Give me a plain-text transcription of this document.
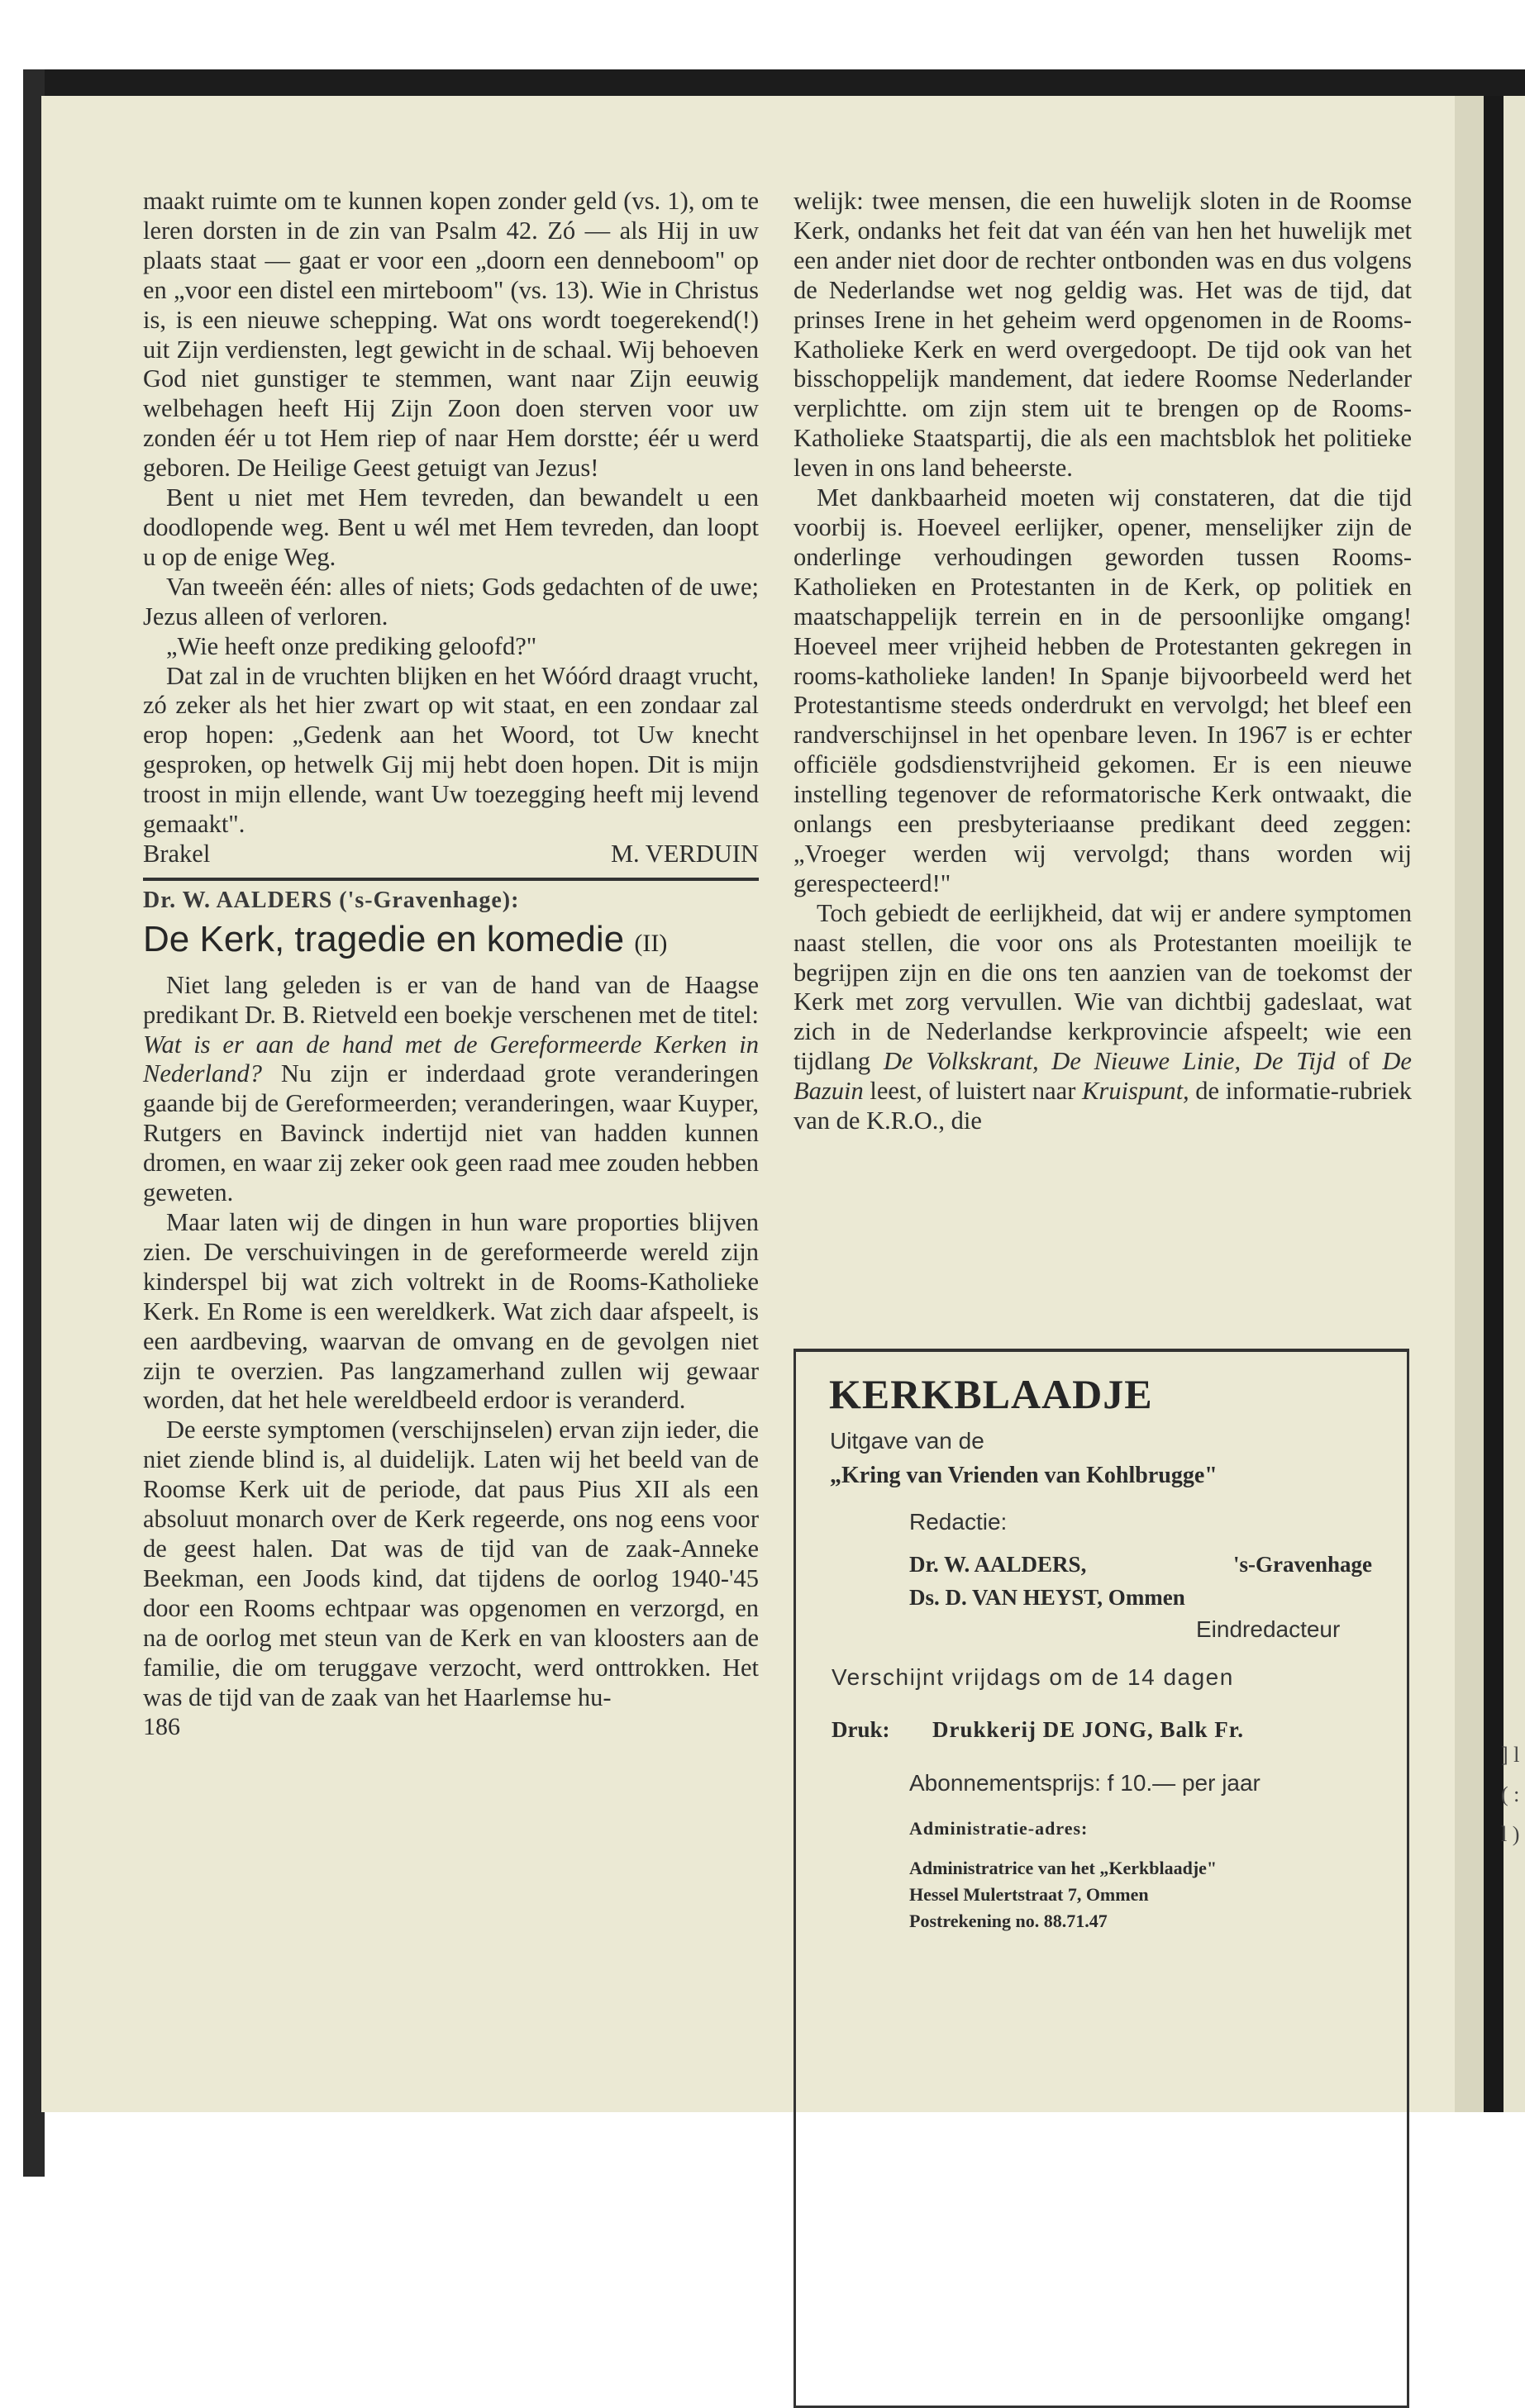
] l ( : l )

maakt ruimte om te kunnen kopen zonder geld (vs. 1), om te leren dorsten in de zin van Psalm 42. Zó — als Hij in uw plaats staat — gaat er voor een „doorn een denneboom" op en „voor een distel een mirteboom" (vs. 13). Wie in Christus is, is een nieuwe schepping. Wat ons wordt toegerekend(!) uit Zijn verdiensten, legt gewicht in de schaal. Wij behoeven God niet gunstiger te stemmen, want naar Zijn eeuwig welbehagen heeft Hij Zijn Zoon doen sterven voor uw zonden éér u tot Hem riep of naar Hem dorstte; éér u werd geboren. De Heilige Geest getuigt van Jezus!

Bent u niet met Hem tevreden, dan bewandelt u een doodlopende weg. Bent u wél met Hem tevreden, dan loopt u op de enige Weg.

Van tweeën één: alles of niets; Gods gedachten of de uwe; Jezus alleen of verloren.

„Wie heeft onze prediking geloofd?"

Dat zal in de vruchten blijken en het Wóórd draagt vrucht, zó zeker als het hier zwart op wit staat, en een zondaar zal erop hopen: „Gedenk aan het Woord, tot Uw knecht gesproken, op hetwelk Gij mij hebt doen hopen. Dit is mijn troost in mijn ellende, want Uw toezegging heeft mij levend gemaakt".

Brakel	M. VERDUIN
Dr. W. AALDERS ('s-Gravenhage):
De Kerk, tragedie en komedie (II)

Niet lang geleden is er van de hand van de Haagse predikant Dr. B. Rietveld een boekje verschenen met de titel: Wat is er aan de hand met de Gereformeerde Kerken in Nederland? Nu zijn er inderdaad grote veranderingen gaande bij de Gereformeerden; veranderingen, waar Kuyper, Rutgers en Bavinck indertijd niet van hadden kunnen dromen, en waar zij zeker ook geen raad mee zouden hebben geweten.

Maar laten wij de dingen in hun ware proporties blijven zien. De verschuivingen in de gereformeerde wereld zijn kinderspel bij wat zich voltrekt in de Rooms-Katholieke Kerk. En Rome is een wereldkerk. Wat zich daar afspeelt, is een aardbeving, waarvan de omvang en de gevolgen niet zijn te overzien. Pas langzamerhand zullen wij gewaar worden, dat het hele wereldbeeld erdoor is veranderd.

De eerste symptomen (verschijnselen) ervan zijn ieder, die niet ziende blind is, al duidelijk. Laten wij het beeld van de Roomse Kerk uit de periode, dat paus Pius XII als een absoluut monarch over de Kerk regeerde, ons nog eens voor de geest halen. Dat was de tijd van de zaak-Anneke Beekman, een Joods kind, dat tijdens de oorlog 1940-'45 door een Rooms echtpaar was opgenomen en verzorgd, en na de oorlog met steun van de Kerk en van kloosters aan de familie, die om teruggave verzocht, werd onttrokken. Het was de tijd van de zaak van het Haarlemse hu-

186

welijk: twee mensen, die een huwelijk sloten in de Roomse Kerk, ondanks het feit dat van één van hen het huwelijk met een ander niet door de rechter ontbonden was en dus volgens de Nederlandse wet nog geldig was. Het was de tijd, dat prinses Irene in het geheim werd opgenomen in de Rooms-Katholieke Kerk en werd overgedoopt. De tijd ook van het bisschoppelijk mandement, dat iedere Roomse Nederlander verplichtte. om zijn stem uit te brengen op de Rooms-Katholieke Staatspartij, die als een machtsblok het politieke leven in ons land beheerste.

Met dankbaarheid moeten wij constateren, dat die tijd voorbij is. Hoeveel eerlijker, opener, menselijker zijn de onderlinge verhoudingen geworden tussen Rooms-Katholieken en Protestanten in de Kerk, op politiek en maatschappelijk terrein en in de persoonlijke omgang! Hoeveel meer vrijheid hebben de Protestanten gekregen in rooms-katholieke landen! In Spanje bijvoorbeeld werd het Protestantisme steeds onderdrukt en vervolgd; het bleef een randverschijnsel in het openbare leven. In 1967 is er echter officiële godsdienstvrijheid gekomen. Er is een nieuwe instelling tegenover de reformatorische Kerk ontwaakt, die onlangs een presbyteriaanse predikant deed zeggen: „Vroeger werden wij vervolgd; thans worden wij gerespecteerd!"

Toch gebiedt de eerlijkheid, dat wij er andere symptomen naast stellen, die voor ons als Protestanten moeilijk te begrijpen zijn en die ons ten aanzien van de toekomst der Kerk met zorg vervullen. Wie van dichtbij gadeslaat, wat zich in de Nederlandse kerkprovincie afspeelt; wie een tijdlang De Volkskrant, De Nieuwe Linie, De Tijd of De Bazuin leest, of luistert naar Kruispunt, de informatie-rubriek van de K.R.O., die

KERKBLAADJE
Uitgave van de
„Kring van Vrienden van Kohlbrugge"
Redactie:
Dr. W. AALDERS,	's-Gravenhage
Ds. D. VAN HEYST, Ommen
Eindredacteur
Verschijnt vrijdags om de 14 dagen
Druk: Drukkerij DE JONG, Balk Fr.
Abonnementsprijs: f 10.— per jaar
Administratie-adres:
Administratrice van het „Kerkblaadje"
Hessel Mulertstraat 7, Ommen
Postrekening no. 88.71.47
